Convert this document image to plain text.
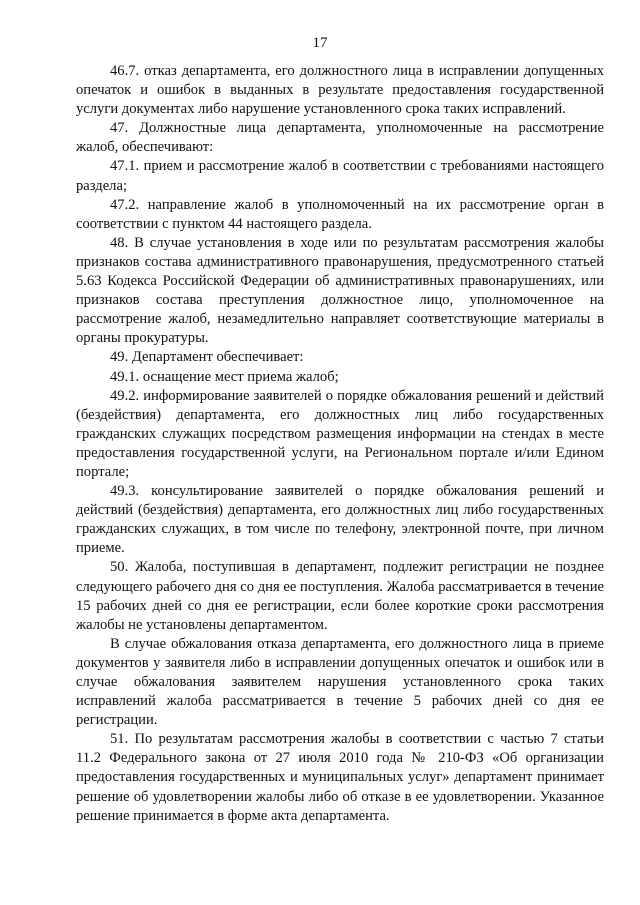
17

46.7. отказ департамента, его должностного лица в исправлении допущенных опечаток и ошибок в выданных в результате предоставления государственной услуги документах либо нарушение установленного срока таких исправлений.

47. Должностные лица департамента, уполномоченные на рассмотрение жалоб, обеспечивают:

47.1. прием и рассмотрение жалоб в соответствии с требованиями настоящего раздела;

47.2. направление жалоб в уполномоченный на их рассмотрение орган в соответствии с пунктом 44 настоящего раздела.

48. В случае установления в ходе или по результатам рассмотрения жалобы признаков состава административного правонарушения, предусмотренного статьей 5.63 Кодекса Российской Федерации об административных правонарушениях, или признаков состава преступления должностное лицо, уполномоченное на рассмотрение жалоб, незамедлительно направляет соответствующие материалы в органы прокуратуры.

49. Департамент обеспечивает:

49.1. оснащение мест приема жалоб;

49.2. информирование заявителей о порядке обжалования решений и действий (бездействия) департамента, его должностных лиц либо государственных гражданских служащих посредством размещения информации на стендах в месте предоставления государственной услуги, на Региональном портале и/или Едином портале;

49.3. консультирование заявителей о порядке обжалования решений и действий (бездействия) департамента, его должностных лиц либо государственных гражданских служащих, в том числе по телефону, электронной почте, при личном приеме.

50. Жалоба, поступившая в департамент, подлежит регистрации не позднее следующего рабочего дня со дня ее поступления. Жалоба рассматривается в течение 15 рабочих дней со дня ее регистрации, если более короткие сроки рассмотрения жалобы не установлены департаментом.

В случае обжалования отказа департамента, его должностного лица в приеме документов у заявителя либо в исправлении допущенных опечаток и ошибок или в случае обжалования заявителем нарушения установленного срока таких исправлений жалоба рассматривается в течение 5 рабочих дней со дня ее регистрации.

51. По результатам рассмотрения жалобы в соответствии с частью 7 статьи 11.2 Федерального закона от 27 июля 2010 года № 210-ФЗ «Об организации предоставления государственных и муниципальных услуг» департамент принимает решение об удовлетворении жалобы либо об отказе в ее удовлетворении. Указанное решение принимается в форме акта департамента.
